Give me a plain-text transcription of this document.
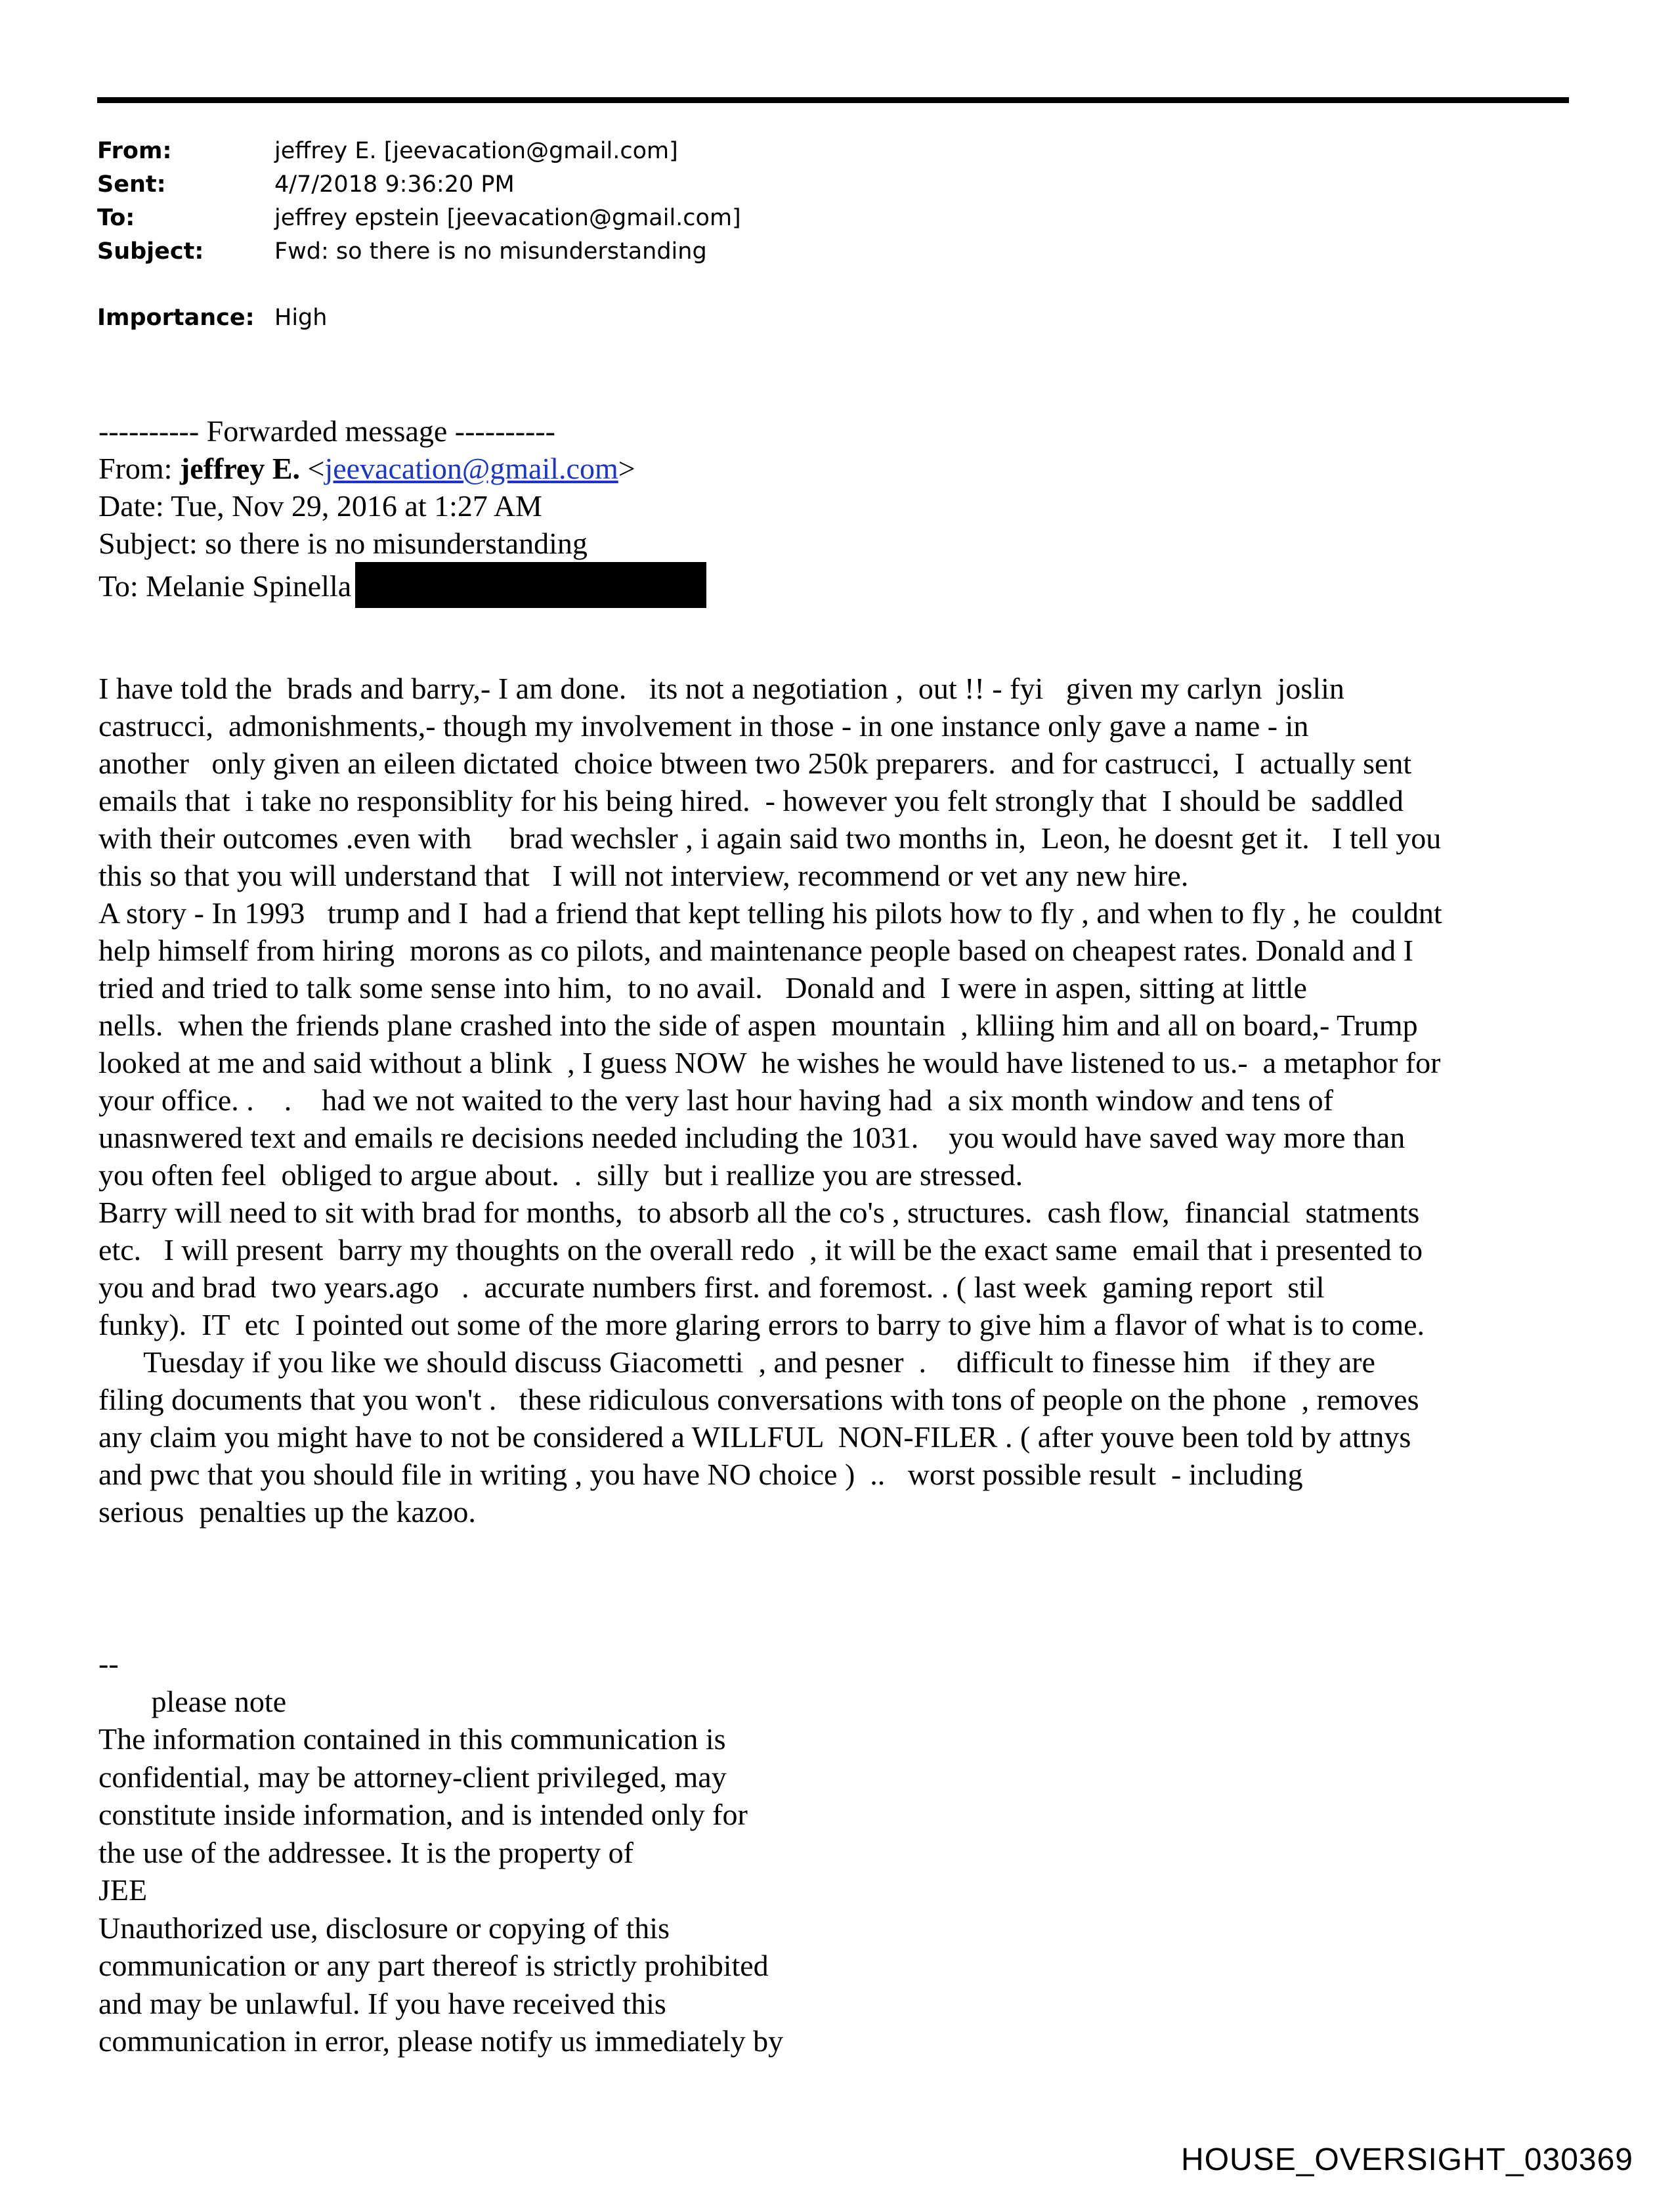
From:	jeffrey E. [jeevacation@gmail.com]
Sent:	4/7/2018 9:36:20 PM
To:	jeffrey epstein [jeevacation@gmail.com]
Subject:	Fwd: so there is no misunderstanding
Importance: High
---------- Forwarded message ----------
From: jeffrey E. <jeevacation@gmail.com>
Date: Tue, Nov 29, 2016 at 1:27 AM
Subject: so there is no misunderstanding
To: Melanie Spinella
I have told the  brads and barry,- I am done.   its not a negotiation ,  out !! - fyi   given my carlyn  joslin
castrucci,  admonishments,- though my involvement in those - in one instance only gave a name - in
another   only given an eileen dictated  choice btween two 250k preparers.  and for castrucci,  I  actually sent
emails that  i take no responsiblity for his being hired.  - however you felt strongly that  I should be  saddled
with their outcomes .even with     brad wechsler , i again said two months in,  Leon, he doesnt get it.   I tell you
this so that you will understand that   I will not interview, recommend or vet any new hire.
A story - In 1993   trump and I  had a friend that kept telling his pilots how to fly , and when to fly , he  couldnt
help himself from hiring  morons as co pilots, and maintenance people based on cheapest rates. Donald and I
tried and tried to talk some sense into him,  to no avail.   Donald and  I were in aspen, sitting at little
nells.  when the friends plane crashed into the side of aspen  mountain  , klliing him and all on board,- Trump
looked at me and said without a blink  , I guess NOW  he wishes he would have listened to us.-  a metaphor for
your office. .    .    had we not waited to the very last hour having had  a six month window and tens of
unasnwered text and emails re decisions needed including the 1031.    you would have saved way more than
you often feel  obliged to argue about.  .  silly  but i reallize you are stressed.
Barry will need to sit with brad for months,  to absorb all the co's , structures.  cash flow,  financial  statments
etc.   I will present  barry my thoughts on the overall redo  , it will be the exact same  email that i presented to
you and brad  two years.ago   .  accurate numbers first. and foremost. . ( last week  gaming report  stil
funky).  IT  etc  I pointed out some of the more glaring errors to barry to give him a flavor of what is to come.
Tuesday if you like we should discuss Giacometti  , and pesner  .    difficult to finesse him   if they are
filing documents that you won't .   these ridiculous conversations with tons of people on the phone  , removes
any claim you might have to not be considered a WILLFUL  NON-FILER . ( after youve been told by attnys
and pwc that you should file in writing , you have NO choice )  ..   worst possible result  - including
serious  penalties up the kazoo.
--
please note
The information contained in this communication is
confidential, may be attorney-client privileged, may
constitute inside information, and is intended only for
the use of the addressee. It is the property of
JEE
Unauthorized use, disclosure or copying of this
communication or any part thereof is strictly prohibited
and may be unlawful. If you have received this
communication in error, please notify us immediately by
HOUSE_OVERSIGHT_030369
